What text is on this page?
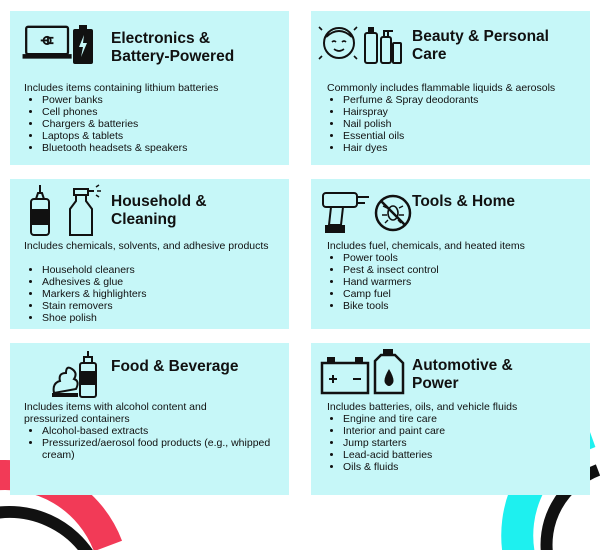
Electronics &
Battery-Powered

Includes items containing lithium batteries

• Power banks
• Cell phones
• Chargers & batteries
• Laptops & tablets
• Bluetooth headsets & speakers
Beauty & Personal
Care

Commonly includes flammable liquids & aerosols

• Perfume & Spray deodorants
• Hairspray
• Nail polish
• Essential oils
• Hair dyes
Household &
Cleaning

Includes chemicals, solvents, and adhesive products

• Household cleaners
• Adhesives & glue
• Markers & highlighters
• Stain removers
• Shoe polish
Tools & Home

Includes fuel, chemicals, and heated items

• Power tools
• Pest & insect control
• Hand warmers
• Camp fuel
• Bike tools
Food & Beverage

Includes items with alcohol content and pressurized containers

• Alcohol-based extracts
• Pressurized/aerosol food products (e.g., whipped cream)
Automotive &
Power

Includes batteries, oils, and vehicle fluids

• Engine and tire care
• Interior and paint care
• Jump starters
• Lead-acid batteries
• Oils & fluids
